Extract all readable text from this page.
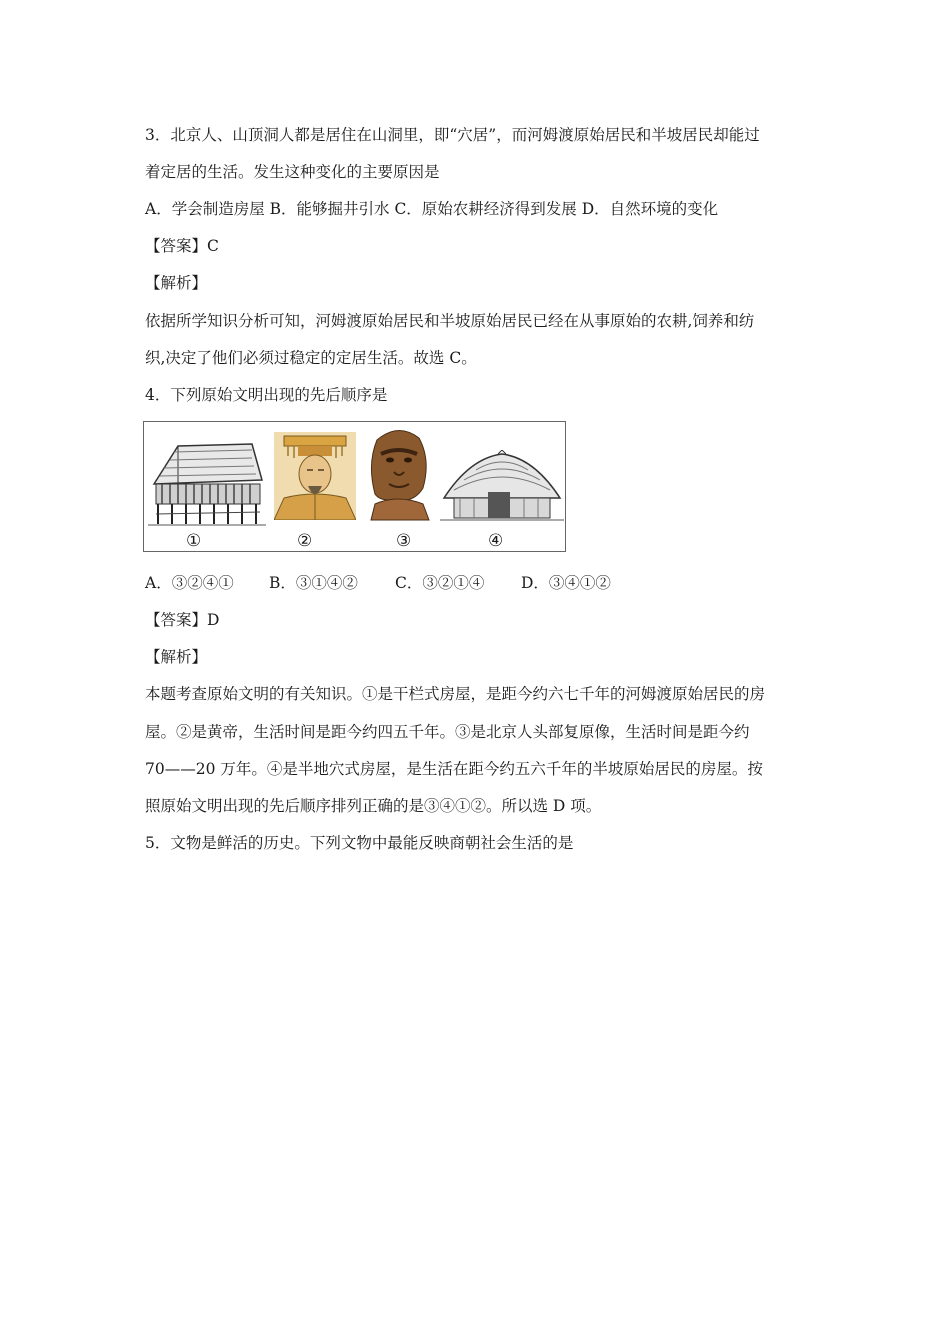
3．北京人、山顶洞人都是居住在山洞里，即“穴居”，而河姆渡原始居民和半坡居民却能过
着定居的生活。发生这种变化的主要原因是
A．学会制造房屋 B．能够掘井引水 C．原始农耕经济得到发展 D．自然环境的变化
【答案】C
【解析】
依据所学知识分析可知，河姆渡原始居民和半坡原始居民已经在从事原始的农耕,饲养和纺
织,决定了他们必须过稳定的定居生活。故选 C。
4．下列原始文明出现的先后顺序是
①	②	③	④
A．③②④① B．③①④② C．③②①④ D．③④①②
【答案】D
【解析】
本题考查原始文明的有关知识。①是干栏式房屋，是距今约六七千年的河姆渡原始居民的房
屋。②是黄帝，生活时间是距今约四五千年。③是北京人头部复原像，生活时间是距今约
70——20 万年。④是半地穴式房屋，是生活在距今约五六千年的半坡原始居民的房屋。按
照原始文明出现的先后顺序排列正确的是③④①②。所以选 D 项。
5．文物是鲜活的历史。下列文物中最能反映商朝社会生活的是
